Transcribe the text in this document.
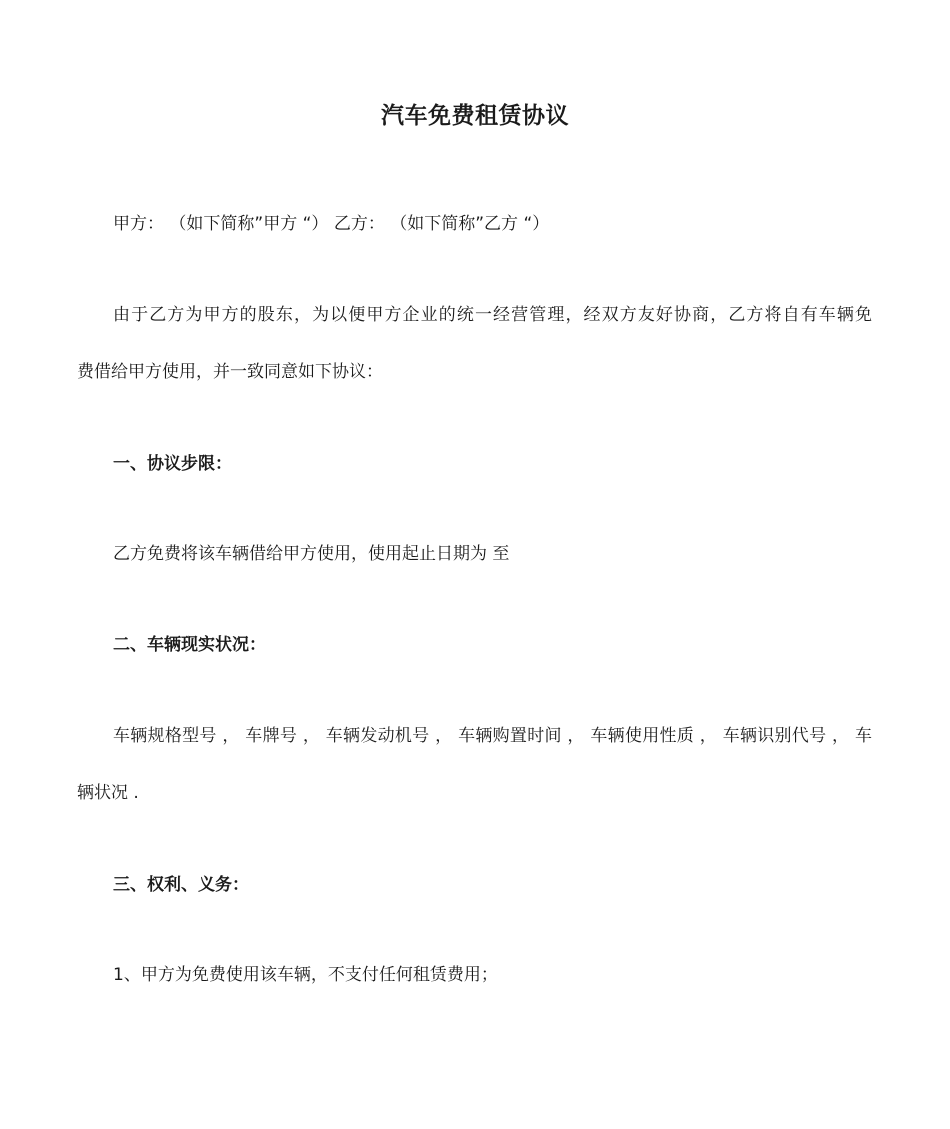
汽车免费租赁协议
甲方： （如下简称”甲方 “） 乙方： （如下简称”乙方 “）
由于乙方为甲方的股东，为以便甲方企业的统一经营管理，经双方友好协商，乙方将自有车辆免
费借给甲方使用，并一致同意如下协议：
一、协议步限：
乙方免费将该车辆借给甲方使用，使用起止日期为 至
二、车辆现实状况：
车辆规格型号 ， 车牌号 ， 车辆发动机号 ， 车辆购置时间 ， 车辆使用性质 ， 车辆识别代号 ， 车
辆状况 .
三、权利、义务：
1、甲方为免费使用该车辆，不支付任何租赁费用；
